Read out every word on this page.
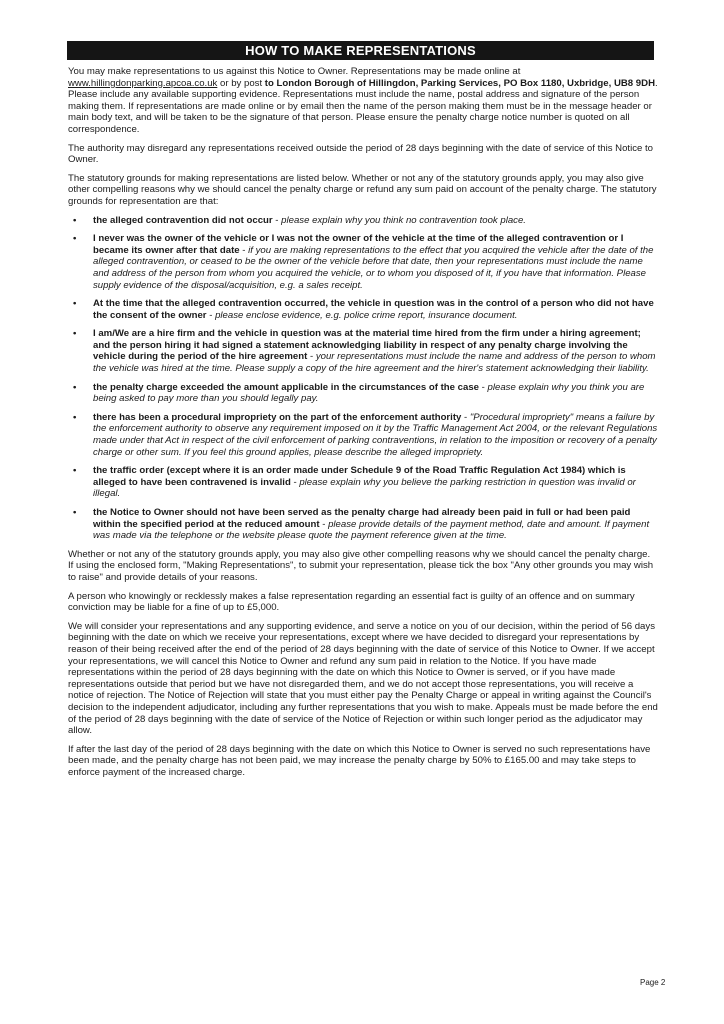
HOW TO MAKE REPRESENTATIONS

You may make representations to us against this Notice to Owner. Representations may be made online at www.hillingdonparking.apcoa.co.uk or by post to London Borough of Hillingdon, Parking Services, PO Box 1180, Uxbridge, UB8 9DH. Please include any available supporting evidence. Representations must include the name, postal address and signature of the person making them. If representations are made online or by email then the name of the person making them must be in the message header or main body text, and will be taken to be the signature of that person. Please ensure the penalty charge notice number is quoted on all correspondence.

The authority may disregard any representations received outside the period of 28 days beginning with the date of service of this Notice to Owner.

The statutory grounds for making representations are listed below. Whether or not any of the statutory grounds apply, you may also give other compelling reasons why we should cancel the penalty charge or refund any sum paid on account of the penalty charge. The statutory grounds for representation are that:

• the alleged contravention did not occur - please explain why you think no contravention took place.
• I never was the owner of the vehicle or I was not the owner of the vehicle at the time of the alleged contravention or I became its owner after that date - if you are making representations to the effect that you acquired the vehicle after the date of the alleged contravention, or ceased to be the owner of the vehicle before that date, then your representations must include the name and address of the person from whom you acquired the vehicle, or to whom you disposed of it, if you have that information. Please supply evidence of the disposal/acquisition, e.g. a sales receipt.
• At the time that the alleged contravention occurred, the vehicle in question was in the control of a person who did not have the consent of the owner - please enclose evidence, e.g. police crime report, insurance document.
• I am/We are a hire firm and the vehicle in question was at the material time hired from the firm under a hiring agreement; and the person hiring it had signed a statement acknowledging liability in respect of any penalty charge involving the vehicle during the period of the hire agreement - your representations must include the name and address of the person to whom the vehicle was hired at the time. Please supply a copy of the hire agreement and the hirer's statement acknowledging their liability.
• the penalty charge exceeded the amount applicable in the circumstances of the case - please explain why you think you are being asked to pay more than you should legally pay.
• there has been a procedural impropriety on the part of the enforcement authority - "Procedural impropriety" means a failure by the enforcement authority to observe any requirement imposed on it by the Traffic Management Act 2004, or the relevant Regulations made under that Act in respect of the civil enforcement of parking contraventions, in relation to the imposition or recovery of a penalty charge or other sum. If you feel this ground applies, please describe the alleged impropriety.
• the traffic order (except where it is an order made under Schedule 9 of the Road Traffic Regulation Act 1984) which is alleged to have been contravened is invalid - please explain why you believe the parking restriction in question was invalid or illegal.
• the Notice to Owner should not have been served as the penalty charge had already been paid in full or had been paid within the specified period at the reduced amount - please provide details of the payment method, date and amount. If payment was made via the telephone or the website please quote the payment reference given at the time.

Whether or not any of the statutory grounds apply, you may also give other compelling reasons why we should cancel the penalty charge. If using the enclosed form, "Making Representations", to submit your representation, please tick the box "Any other grounds you may wish to raise" and provide details of your reasons.

A person who knowingly or recklessly makes a false representation regarding an essential fact is guilty of an offence and on summary conviction may be liable for a fine of up to £5,000.

We will consider your representations and any supporting evidence, and serve a notice on you of our decision, within the period of 56 days beginning with the date on which we receive your representations, except where we have decided to disregard your representations by reason of their being received after the end of the period of 28 days beginning with the date of service of this Notice to Owner. If we accept your representations, we will cancel this Notice to Owner and refund any sum paid in relation to the Notice. If you have made representations within the period of 28 days beginning with the date on which this Notice to Owner is served, or if you have made representations outside that period but we have not disregarded them, and we do not accept those representations, you will receive a notice of rejection. The Notice of Rejection will state that you must either pay the Penalty Charge or appeal in writing against the Council's decision to the independent adjudicator, including any further representations that you wish to make. Appeals must be made before the end of the period of 28 days beginning with the date of service of the Notice of Rejection or within such longer period as the adjudicator may allow.

If after the last day of the period of 28 days beginning with the date on which this Notice to Owner is served no such representations have been made, and the penalty charge has not been paid, we may increase the penalty charge by 50% to £165.00 and may take steps to enforce payment of the increased charge.

Page 2
